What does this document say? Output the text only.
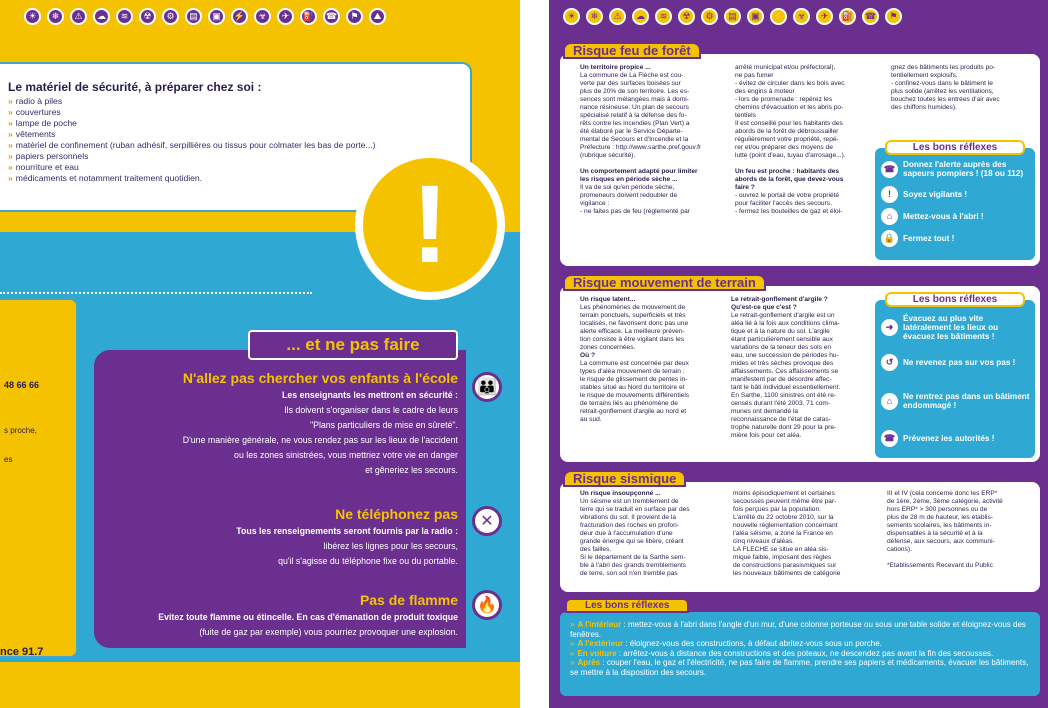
☀	❄	⚠	☁	≋	☢	⚙	▤	▣	⚡	☣	✈	⛽	☎	⚑	⛰
Le matériel de sécurité, à préparer chez soi :
» radio à piles
» couvertures
» lampe de poche
» vêtements
» matériel de confinement (ruban adhésif, serpillières ou tissus pour colmater les bas de porte...)
» papiers personnels
» nourriture et eau
» médicaments et notamment traitement quotidien.
48 66 66
s proche,
es
!
... et ne pas faire
N'allez pas chercher vos enfants à l'école
Les enseignants les mettront en sécurité :
Ils doivent s'organiser dans le cadre de leurs
"Plans particuliers de mise en sûreté".
D'une manière générale, ne vous rendez pas sur les lieux de l'accident
ou les zones sinistrées, vous mettriez votre vie en danger
et gêneriez les secours.
Ne téléphonez pas
Tous les renseignements seront fournis par la radio :
libérez les lignes pour les secours,
qu'il s'agisse du téléphone fixe ou du portable.
Pas de flamme
Evitez toute flamme ou étincelle. En cas d'émanation de produit toxique
(fuite de gaz par exemple) vous pourriez provoquer une explosion.
👪
✕
🔥
nce 91.7
☀	❄	⚠	☁	≋	☢	⚙	▤	▣	⚡	☣	✈	⛽	☎	⚑
Risque feu de forêt
Un territoire propice ...
La commune de La Flèche est cou-
verte par des surfaces boisées sur
plus de 20% de son territoire. Les es-
sences sont mélangées mais à domi-
nance résineuse. Un plan de secours
spécialisé relatif à la défense des fo-
rêts contre les incendies (Plan Vert) a
été élaboré par le Service Départe-
mental de Secours et d'Incendie et la
Préfecture : http://www.sarthe.pref.gouv.fr
(rubrique sécurité).

Un comportement adapté pour limiter
les risques en période sèche ...
Il va de soi qu'en période sèche,
promeneurs doivent redoubler de
vigilance :
- ne faites pas de feu (réglementé par
arrêté municipal et/ou préfectoral),
ne pas fumer
- évitez de circuler dans les bois avec
des engins à moteur
- lors de promenade : repérez les
chemins d'évacuation et les abris po-
tentiels
Il est conseillé pour les habitants des
abords de la forêt de débroussailler
régulièrement votre propriété, repé-
rer et/ou préparer des moyens de
lutte (point d'eau, tuyau d'arrosage...).

Un feu est proche : habitants des
abords de la forêt, que devez-vous
faire ?
- ouvrez le portail de votre propriété
pour faciliter l'accès des secours,
- fermez les bouteilles de gaz et éloi-
gnez des bâtiments les produits po-
tentiellement explosifs,
- confinez-vous dans le bâtiment le
plus solide (arrêtez les ventilations,
bouchez toutes les entrées d'air avec
des chiffons humides).
Les bons réflexes
☎ Donnez l'alerte auprès des sapeurs pompiers ! (18 ou 112)
!	Soyez vigilants !
⌂	Mettez-vous à l'abri !
🔒 Fermez tout !
Risque mouvement de terrain
Un risque latent...
Les phénomènes de mouvement de
terrain ponctuels, superficiels et très
localisés, ne favorisent donc pas une
alerte efficace. La meilleure préven-
tion consiste à être vigilant dans les
zones concernées.
Où ?
La commune est concernée par deux
types d'aléa mouvement de terrain :
le risque de glissement de pentes in-
stables situé au Nord du territoire et
le risque de mouvements différentiels
de terrains liés au phénomène de
retrait-gonflement d'argile au nord et
au sud.
Le retrait-gonflement d'argile ?
Qu'est-ce que c'est ?
Le retrait-gonflement d'argile est un
aléa lié à la fois aux conditions clima-
tique et à la nature du sol. L'argile
étant particulièrement sensible aux
variations de la teneur des sols en
eau, une succession de périodes hu-
mides et très sèches provoque des
affaissements. Ces affaissements se
manifestent par de désordre affec-
tant le bâti individuel essentiellement.
En Sarthe, 1100 sinistres ont été re-
censés durant l'été 2003. 71 com-
munes ont demandé la
reconnaissance de l'état de catas-
trophe naturelle dont 29 pour la pre-
mière fois pour cet aléa.
Les bons réflexes
➜
Évacuez au plus vite latéralement les lieux ou évacuez les bâtiments !
↺	Ne revenez pas sur vos pas !
⌂	Ne rentrez pas dans un bâtiment endommagé !
☎ Prévenez les autorités !
Risque sismique
Un risque insoupçonné ...
Un séisme est un tremblement de
terre qui se traduit en surface par des
vibrations du sol. Il provient de la
fracturation des roches en profon-
deur due à l'accumulation d'une
grande énergie qui se libère, créant
des failles.
Si le département de la Sarthe sem-
ble à l'abri des grands tremblements
de terre, son sol n'en tremble pas
moins épisodiquement et certaines
secousses peuvent même être par-
fois perçues par la population.
L'arrêté du 22 octobre 2010, sur la
nouvelle réglementation concernant
l'aléa séisme, a zoné la France en
cinq niveaux d'aléas.
LA FLECHE se situe en aléa sis-
mique faible, imposant des règles
de constructions parasismiques sur
les nouveaux bâtiments de catégorie
III et IV (cela concerne donc les ERP*
de 1ère, 2ème, 3ème catégorie, activité
hors ERP* > 300 personnes ou de
plus de 28 m de hauteur, les établis-
sements scolaires, les bâtiments in-
dispensables à la sécurité et à la
défense, aux secours, aux communi-
cations).

*Etablissements Recevant du Public
» A l'intérieur : mettez-vous à l'abri dans l'angle d'un mur, d'une colonne porteuse ou sous une table solide et éloignez-vous des fenêtres.
» A l'extérieur : éloignez-vous des constructions, à défaut abritez-vous sous un porche.
» En voiture : arrêtez-vous à distance des constructions et des poteaux, ne descendez pas avant la fin des secousses.
» Après : couper l'eau, le gaz et l'électricité, ne pas faire de flamme, prendre ses papiers et médicaments, évacuer les bâtiments, se mettre à la disposition des secours.
Les bons réflexes
